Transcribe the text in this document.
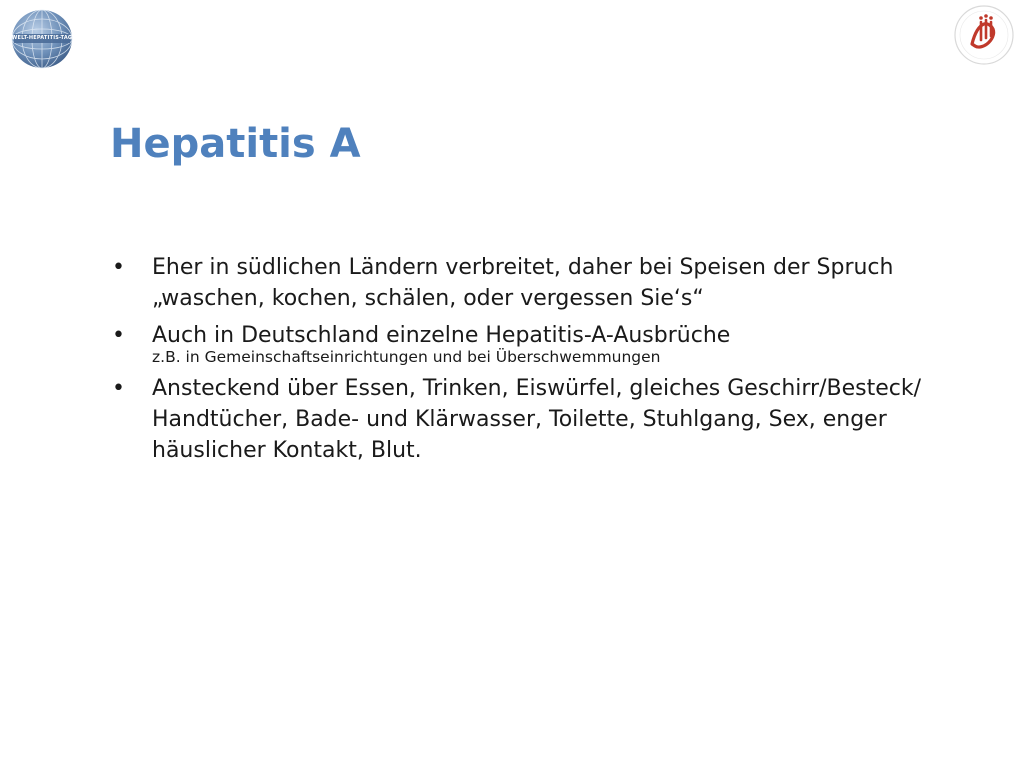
WELT-HEPATITIS-TAG
Hepatitis A
• Eher in südlichen Ländern verbreitet, daher bei Speisen der Spruch „waschen, kochen, schälen, oder vergessen Sie‘s“
• Auch in Deutschland einzelne Hepatitis-A-Ausbrüche
z.B. in Gemeinschaftseinrichtungen und bei Überschwemmungen
• Ansteckend über Essen, Trinken, Eiswürfel, gleiches Geschirr/Besteck/ Handtücher, Bade- und Klärwasser, Toilette, Stuhlgang, Sex, enger häuslicher Kontakt, Blut.
